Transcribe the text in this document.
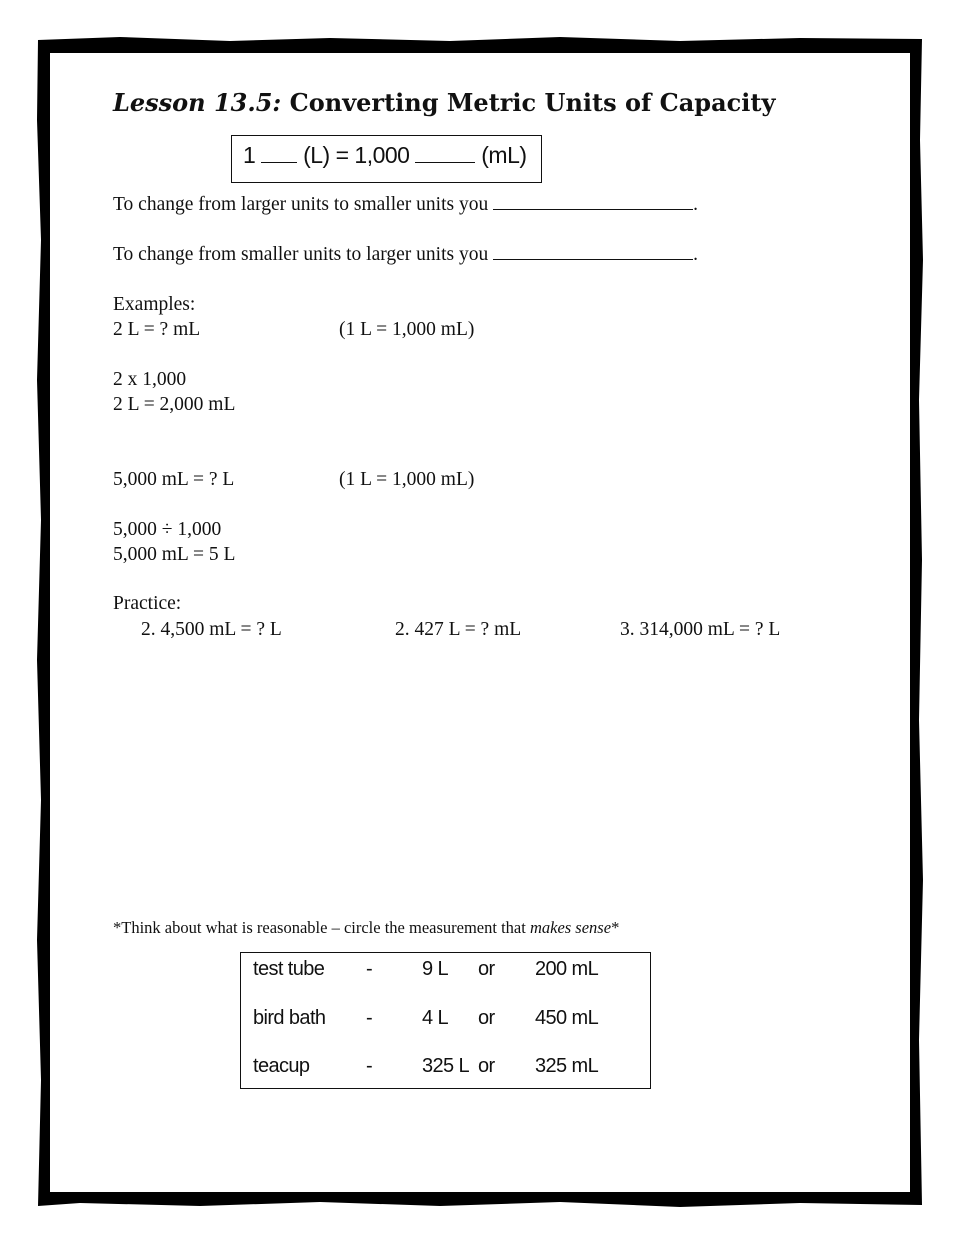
Lesson 13.5: Converting Metric Units of Capacity
1 (L) = 1,000	(mL)
To change from larger units to smaller units you	.
To change from smaller units to larger units you	.
Examples:
2 L = ? mL	(1 L = 1,000 mL)
2 x 1,000
2 L = 2,000 mL
5,000 mL = ? L	(1 L = 1,000 mL)
5,000 ÷ 1,000
5,000 mL = 5 L
Practice:
2. 4,500 mL = ? L	2. 427 L = ? mL	3. 314,000 mL = ? L
*Think about what is reasonable – circle the measurement that makes sense*
test tube - 9 L or 200 mL
bird bath - 4 L or 450 mL
teacup	- 325 L or 325 mL
